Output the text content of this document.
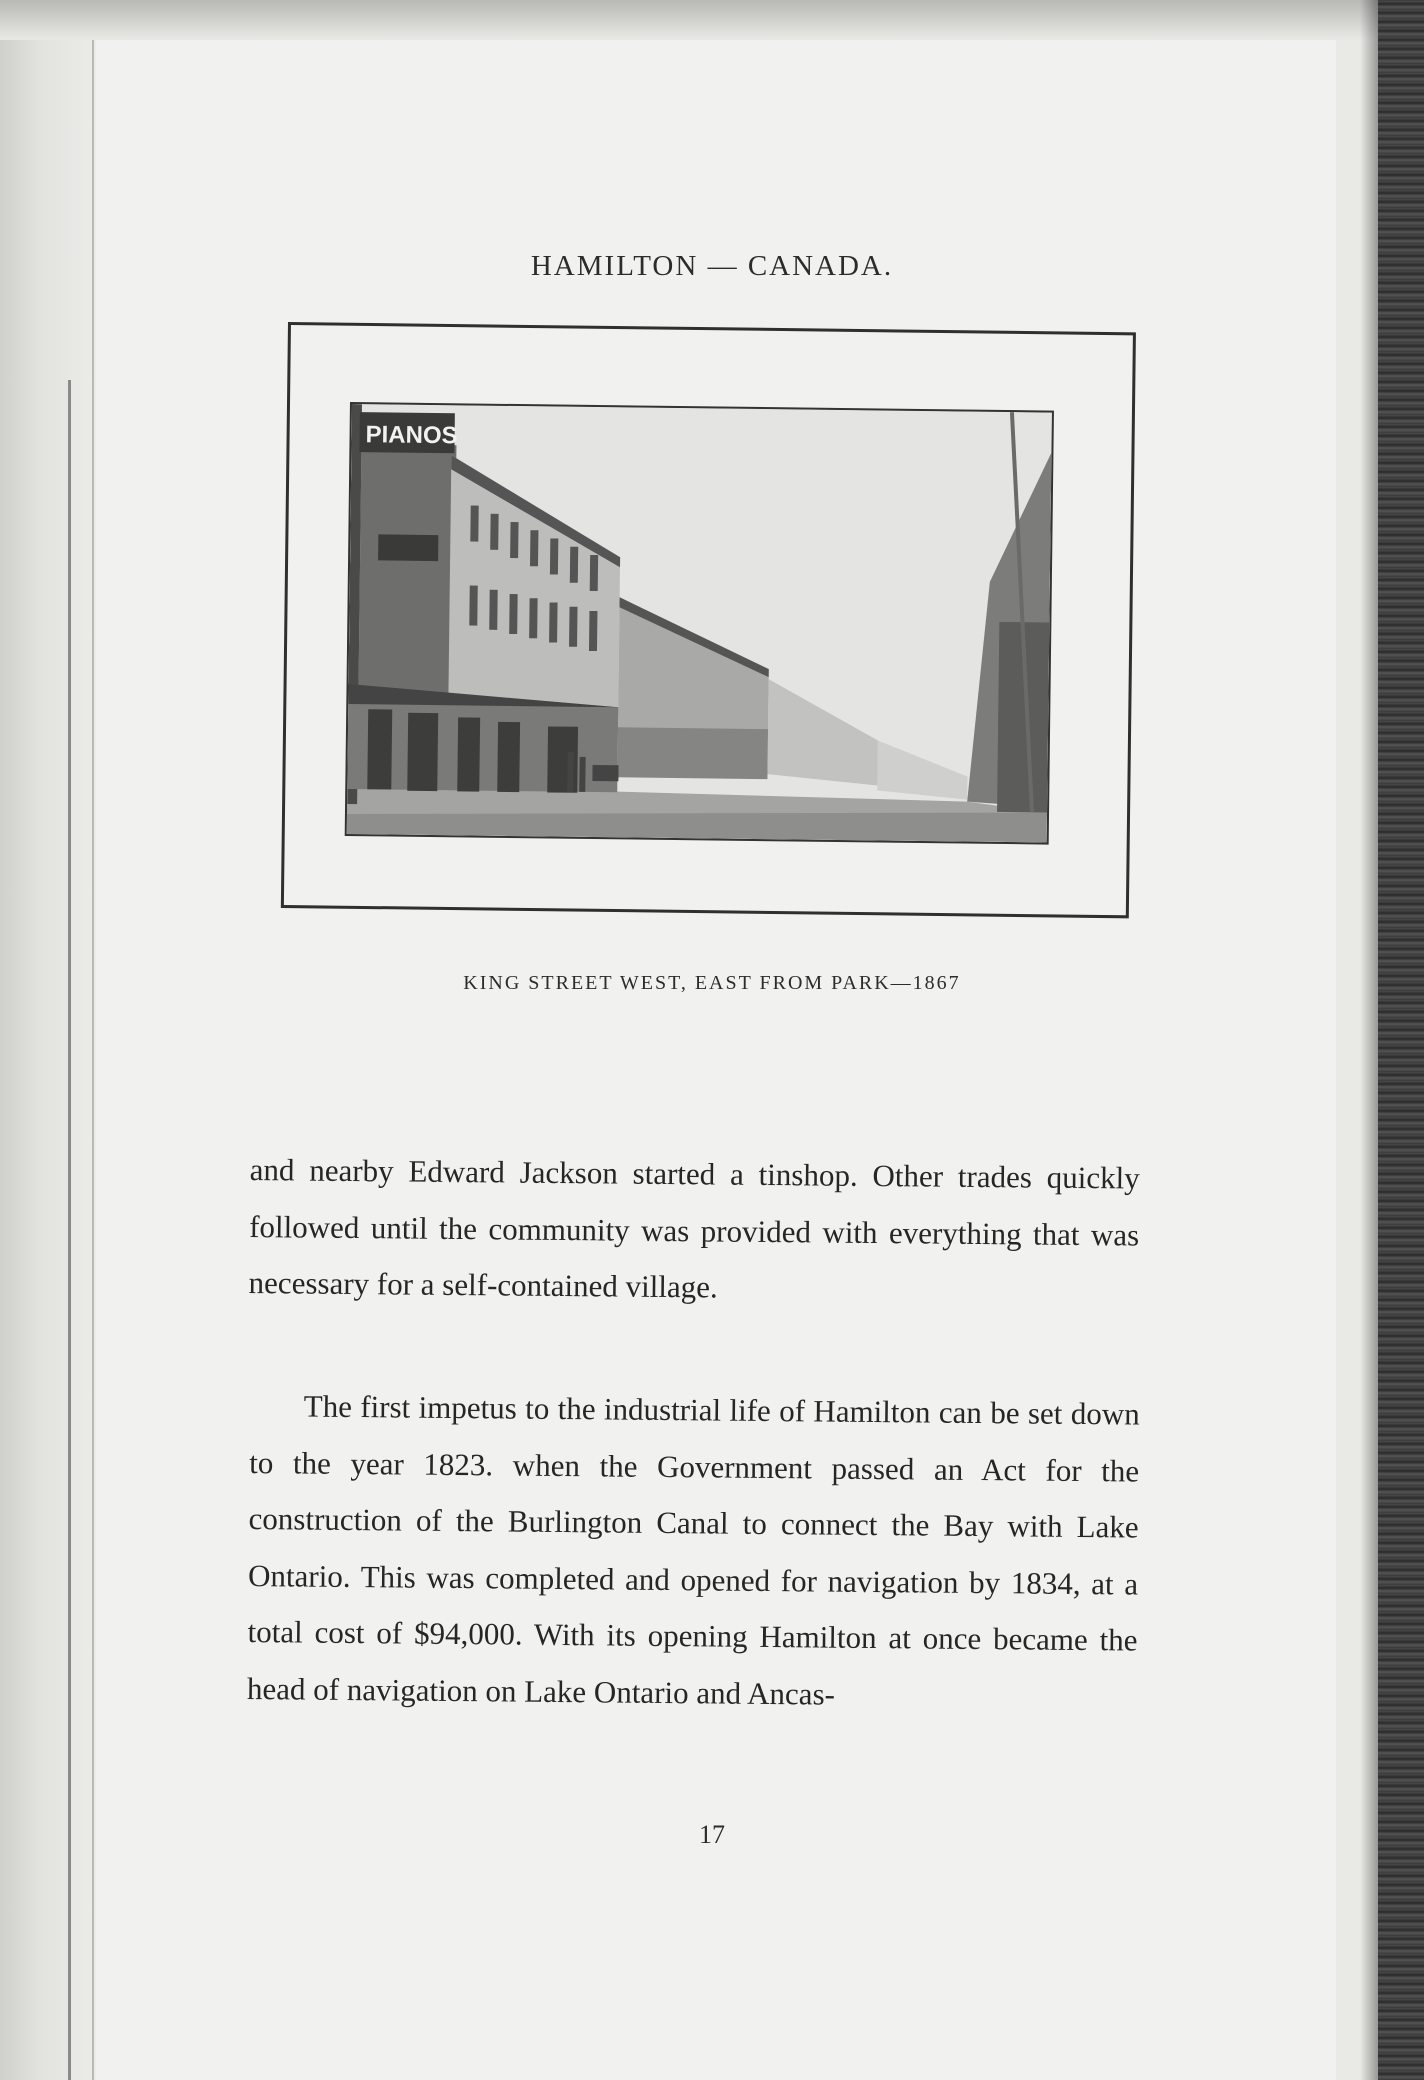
HAMILTON — CANADA.
PIANOS
KING STREET WEST, EAST FROM PARK—1867
and nearby Edward Jackson started a tinshop. Other trades quickly followed until the community was provided with everything that was necessary for a self-contained village.
The first impetus to the industrial life of Hamilton can be set down to the year 1823. when the Government passed an Act for the construction of the Burlington Canal to connect the Bay with Lake Ontario. This was completed and opened for navigation by 1834, at a total cost of $94,000. With its opening Hamilton at once became the head of navigation on Lake Ontario and Ancas-
17
